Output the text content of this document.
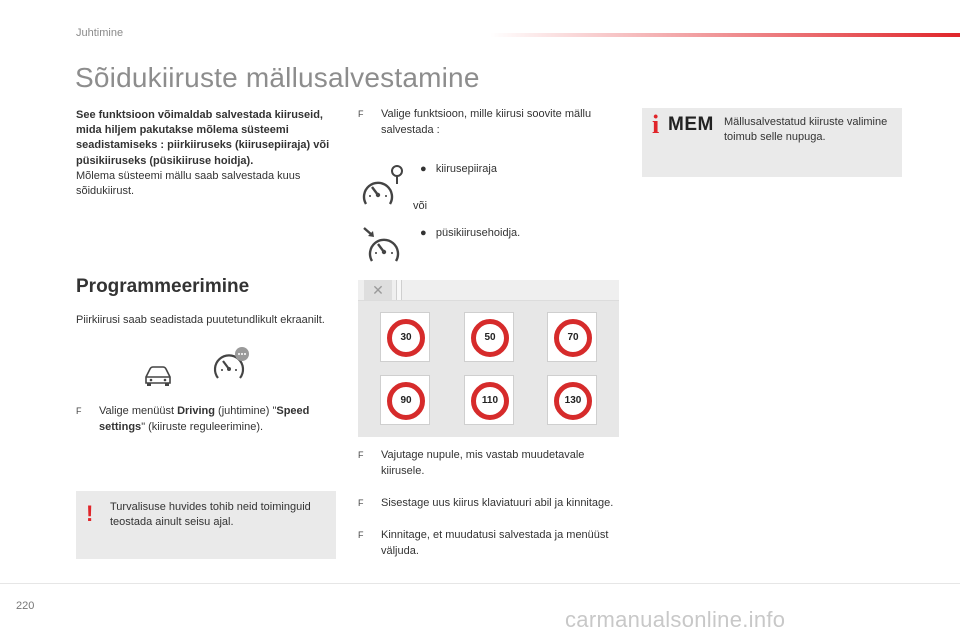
Juhtimine
Sõidukiiruste mällusalvestamine
See funktsioon võimaldab salvestada kiiruseid, mida hiljem pakutakse mõlema süsteemi seadistamiseks : piirkiiruseks (kiirusepiiraja) või püsikiiruseks (püsikiiruse hoidja).
Mõlema süsteemi mällu saab salvestada kuus sõidukiirust.
Programmeerimine
Piirkiirusi saab seadistada puutetundlikult ekraanilt.
F	Valige menüüst Driving (juhtimine) "Speed settings" (kiiruste reguleerimine).
! Turvalisuse huvides tohib neid toiminguid teostada ainult seisu ajal.
F	Valige funktsioon, mille kiirusi soovite mällu salvestada :
● kiirusepiiraja
või
● püsikiirusehoidja.
i MEM Mällusalvestatud kiiruste valimine toimub selle nupuga.
✕
30	50	70
90	110	130
F	Vajutage nupule, mis vastab muudetavale kiirusele.
F	Sisestage uus kiirus klaviatuuri abil ja kinnitage.
F	Kinnitage, et muudatusi salvestada ja menüüst väljuda.
220
carmanualsonline.info
